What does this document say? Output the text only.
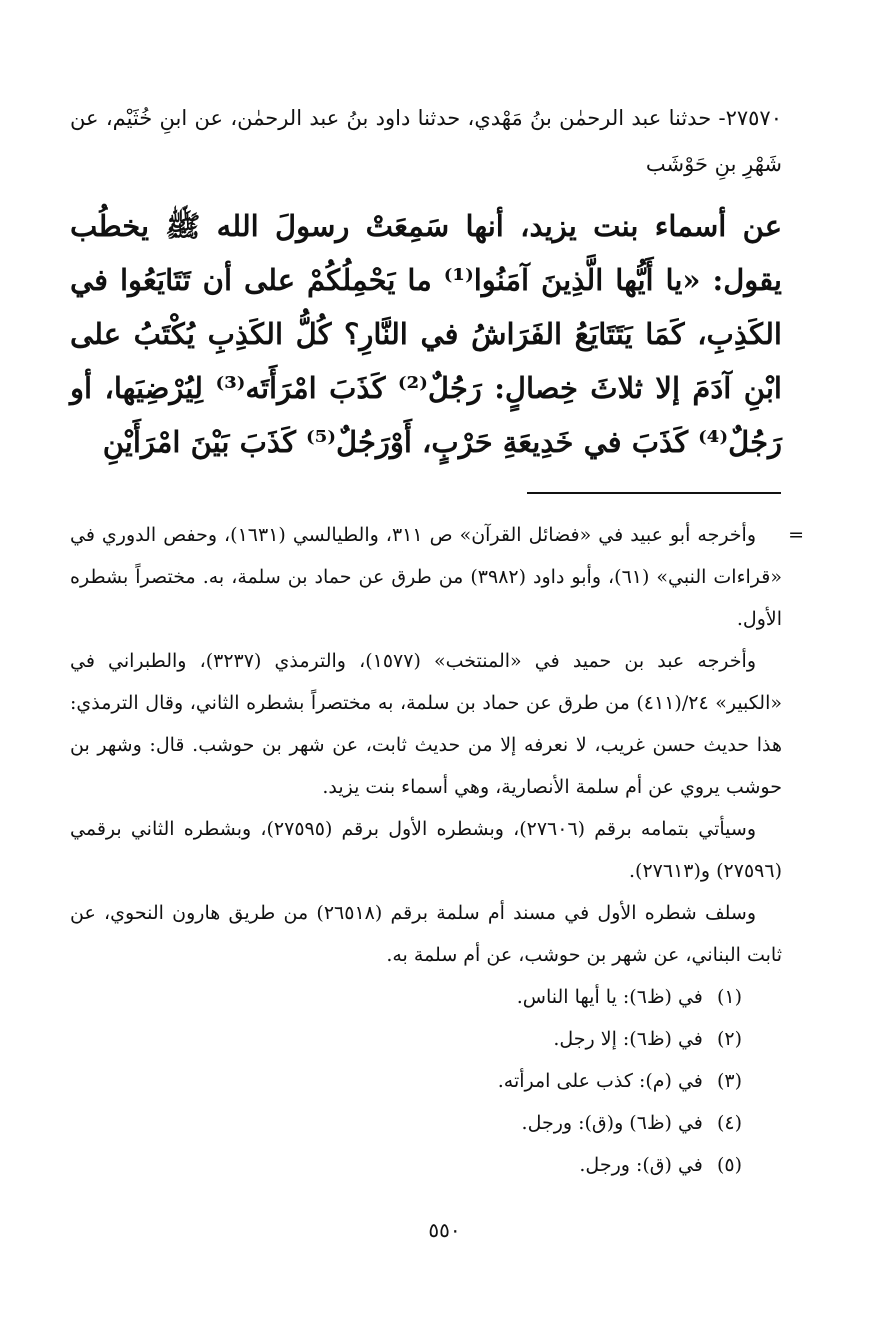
٢٧٥٧٠- حدثنا عبد الرحمٰن بنُ مَهْدي، حدثنا داود بنُ عبد الرحمٰن، عن ابنِ خُثَيْم، عن شَهْرِ بنِ حَوْشَب

عن أسماء بنت يزيد، أنها سَمِعَتْ رسولَ الله ﷺ يخطُب يقول: «يا أَيُّها الَّذِينَ آمَنُوا⁽¹⁾ ما يَحْمِلُكُمْ على أن تَتَايَعُوا في الكَذِبِ، كَمَا يَتَتَايَعُ الفَرَاشُ في النَّارِ؟ كُلُّ الكَذِبِ يُكْتَبُ على ابْنِ آدَمَ إلا ثلاثَ خِصالٍ: رَجُلٌ⁽²⁾ كَذَبَ امْرَأَتَه⁽³⁾ لِيُرْضِيَها، أو رَجُلٌ⁽⁴⁾ كَذَبَ في خَدِيعَةِ حَرْبٍ، أَوْرَجُلٌ⁽⁵⁾ كَذَبَ بَيْنَ امْرَأَيْنِ

=

وأخرجه أبو عبيد في «فضائل القرآن» ص ٣١١، والطيالسي (١٦٣١)، وحفص الدوري في «قراءات النبي» (٦١)، وأبو داود (٣٩٨٢) من طرق عن حماد بن سلمة، به. مختصراً بشطره الأول.

وأخرجه عبد بن حميد في «المنتخب» (١٥٧٧)، والترمذي (٣٢٣٧)، والطبراني في «الكبير» ٢٤/(٤١١) من طرق عن حماد بن سلمة، به مختصراً بشطره الثاني، وقال الترمذي: هذا حديث حسن غريب، لا نعرفه إلا من حديث ثابت، عن شهر بن حوشب. قال: وشهر بن حوشب يروي عن أم سلمة الأنصارية، وهي أسماء بنت يزيد.

وسيأتي بتمامه برقم (٢٧٦٠٦)، وبشطره الأول برقم (٢٧٥٩٥)، وبشطره الثاني برقمي (٢٧٥٩٦) و(٢٧٦١٣).

وسلف شطره الأول في مسند أم سلمة برقم (٢٦٥١٨) من طريق هارون النحوي، عن ثابت البناني، عن شهر بن حوشب، عن أم سلمة به.

(١) في (ظ٦): يا أيها الناس.
(٢) في (ظ٦): إلا رجل.
(٣) في (م): كذب على امرأته.
(٤) في (ظ٦) و(ق): ورجل.
(٥) في (ق): ورجل.
٥٥٠
